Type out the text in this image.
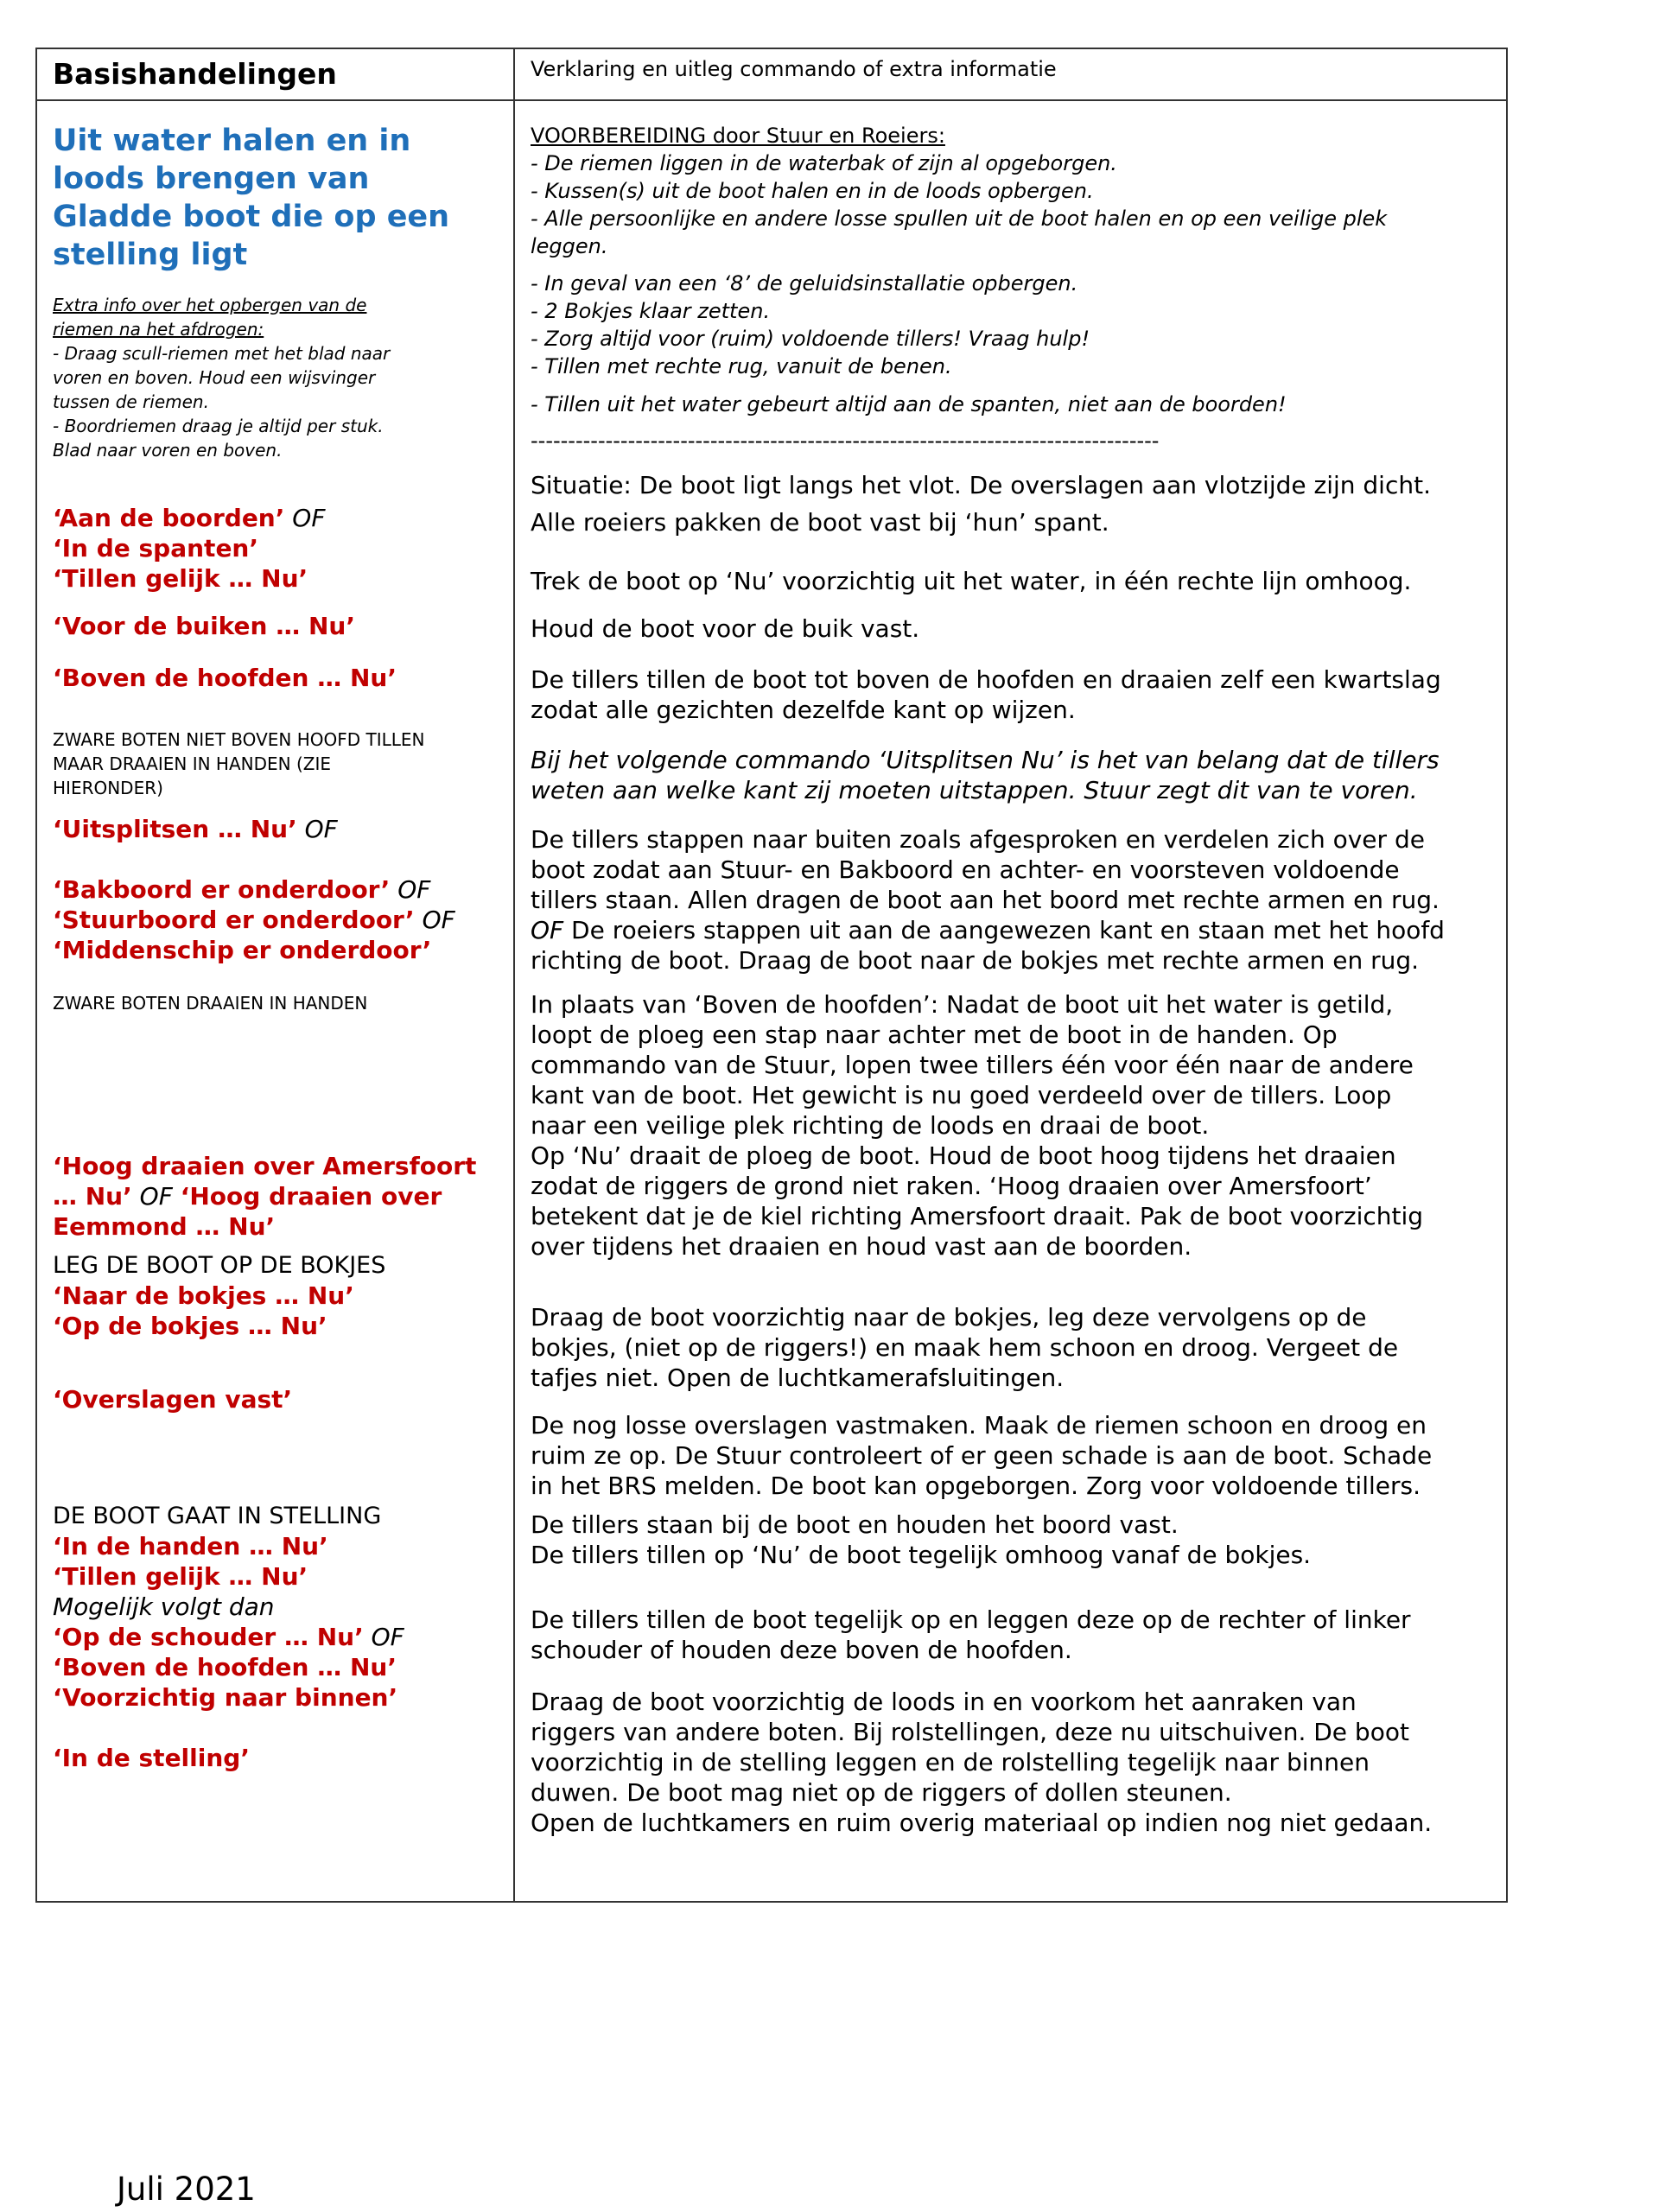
Basishandelingen	Verklaring en uitleg commando of extra informatie
Uit water halen en in
loods brengen van
Gladde boot die op een
stelling ligt
Extra info over het opbergen van de
riemen na het afdrogen:
- Draag scull-riemen met het blad naar
voren en boven. Houd een wijsvinger
tussen de riemen.
- Boordriemen draag je altijd per stuk.
Blad naar voren en boven.
‘Aan de boorden’ OF
‘In de spanten’
‘Tillen gelijk … Nu’
‘Voor de buiken … Nu’
‘Boven de hoofden … Nu’
ZWARE BOTEN NIET BOVEN HOOFD TILLEN
MAAR DRAAIEN IN HANDEN (ZIE
HIERONDER)
‘Uitsplitsen … Nu’ OF
‘Bakboord er onderdoor’ OF
‘Stuurboord er onderdoor’ OF
‘Middenschip er onderdoor’
ZWARE BOTEN DRAAIEN IN HANDEN
‘Hoog draaien over Amersfoort
… Nu’ OF ‘Hoog draaien over
Eemmond … Nu’
LEG DE BOOT OP DE BOKJES
‘Naar de bokjes … Nu’
‘Op de bokjes … Nu’
‘Overslagen vast’
DE BOOT GAAT IN STELLING
‘In de handen … Nu’
‘Tillen gelijk … Nu’
Mogelijk volgt dan
‘Op de schouder … Nu’ OF
‘Boven de hoofden … Nu’
‘Voorzichtig naar binnen’
‘In de stelling’
VOORBEREIDING door Stuur en Roeiers:
- De riemen liggen in de waterbak of zijn al opgeborgen.
- Kussen(s) uit de boot halen en in de loods opbergen.
- Alle persoonlijke en andere losse spullen uit de boot halen en op een veilige plek
leggen.
- In geval van een ‘8’ de geluidsinstallatie opbergen.
- 2 Bokjes klaar zetten.
- Zorg altijd voor (ruim) voldoende tillers! Vraag hulp!
- Tillen met rechte rug, vanuit de benen.
- Tillen uit het water gebeurt altijd aan de spanten, niet aan de boorden!
------------------------------------------------------------------------------------
Situatie: De boot ligt langs het vlot. De overslagen aan vlotzijde zijn dicht.
Alle roeiers pakken de boot vast bij ‘hun’ spant.
Trek de boot op ‘Nu’ voorzichtig uit het water, in één rechte lijn omhoog.
Houd de boot voor de buik vast.
De tillers tillen de boot tot boven de hoofden en draaien zelf een kwartslag
zodat alle gezichten dezelfde kant op wijzen.
Bij het volgende commando ‘Uitsplitsen Nu’ is het van belang dat de tillers
weten aan welke kant zij moeten uitstappen. Stuur zegt dit van te voren.
De tillers stappen naar buiten zoals afgesproken en verdelen zich over de
boot zodat aan Stuur- en Bakboord en achter- en voorsteven voldoende
tillers staan. Allen dragen de boot aan het boord met rechte armen en rug.
OF De roeiers stappen uit aan de aangewezen kant en staan met het hoofd
richting de boot. Draag de boot naar de bokjes met rechte armen en rug.
In plaats van ‘Boven de hoofden’: Nadat de boot uit het water is getild,
loopt de ploeg een stap naar achter met de boot in de handen. Op
commando van de Stuur, lopen twee tillers één voor één naar de andere
kant van de boot. Het gewicht is nu goed verdeeld over de tillers. Loop
naar een veilige plek richting de loods en draai de boot.
Op ‘Nu’ draait de ploeg de boot. Houd de boot hoog tijdens het draaien
zodat de riggers de grond niet raken. ‘Hoog draaien over Amersfoort’
betekent dat je de kiel richting Amersfoort draait. Pak de boot voorzichtig
over tijdens het draaien en houd vast aan de boorden.
Draag de boot voorzichtig naar de bokjes, leg deze vervolgens op de
bokjes, (niet op de riggers!) en maak hem schoon en droog. Vergeet de
tafjes niet. Open de luchtkamerafsluitingen.
De nog losse overslagen vastmaken. Maak de riemen schoon en droog en
ruim ze op. De Stuur controleert of er geen schade is aan de boot. Schade
in het BRS melden. De boot kan opgeborgen. Zorg voor voldoende tillers.
De tillers staan bij de boot en houden het boord vast.
De tillers tillen op ‘Nu’ de boot tegelijk omhoog vanaf de bokjes.
De tillers tillen de boot tegelijk op en leggen deze op de rechter of linker
schouder of houden deze boven de hoofden.
Draag de boot voorzichtig de loods in en voorkom het aanraken van
riggers van andere boten. Bij rolstellingen, deze nu uitschuiven. De boot
voorzichtig in de stelling leggen en de rolstelling tegelijk naar binnen
duwen. De boot mag niet op de riggers of dollen steunen.
Open de luchtkamers en ruim overig materiaal op indien nog niet gedaan.
Juli 2021
